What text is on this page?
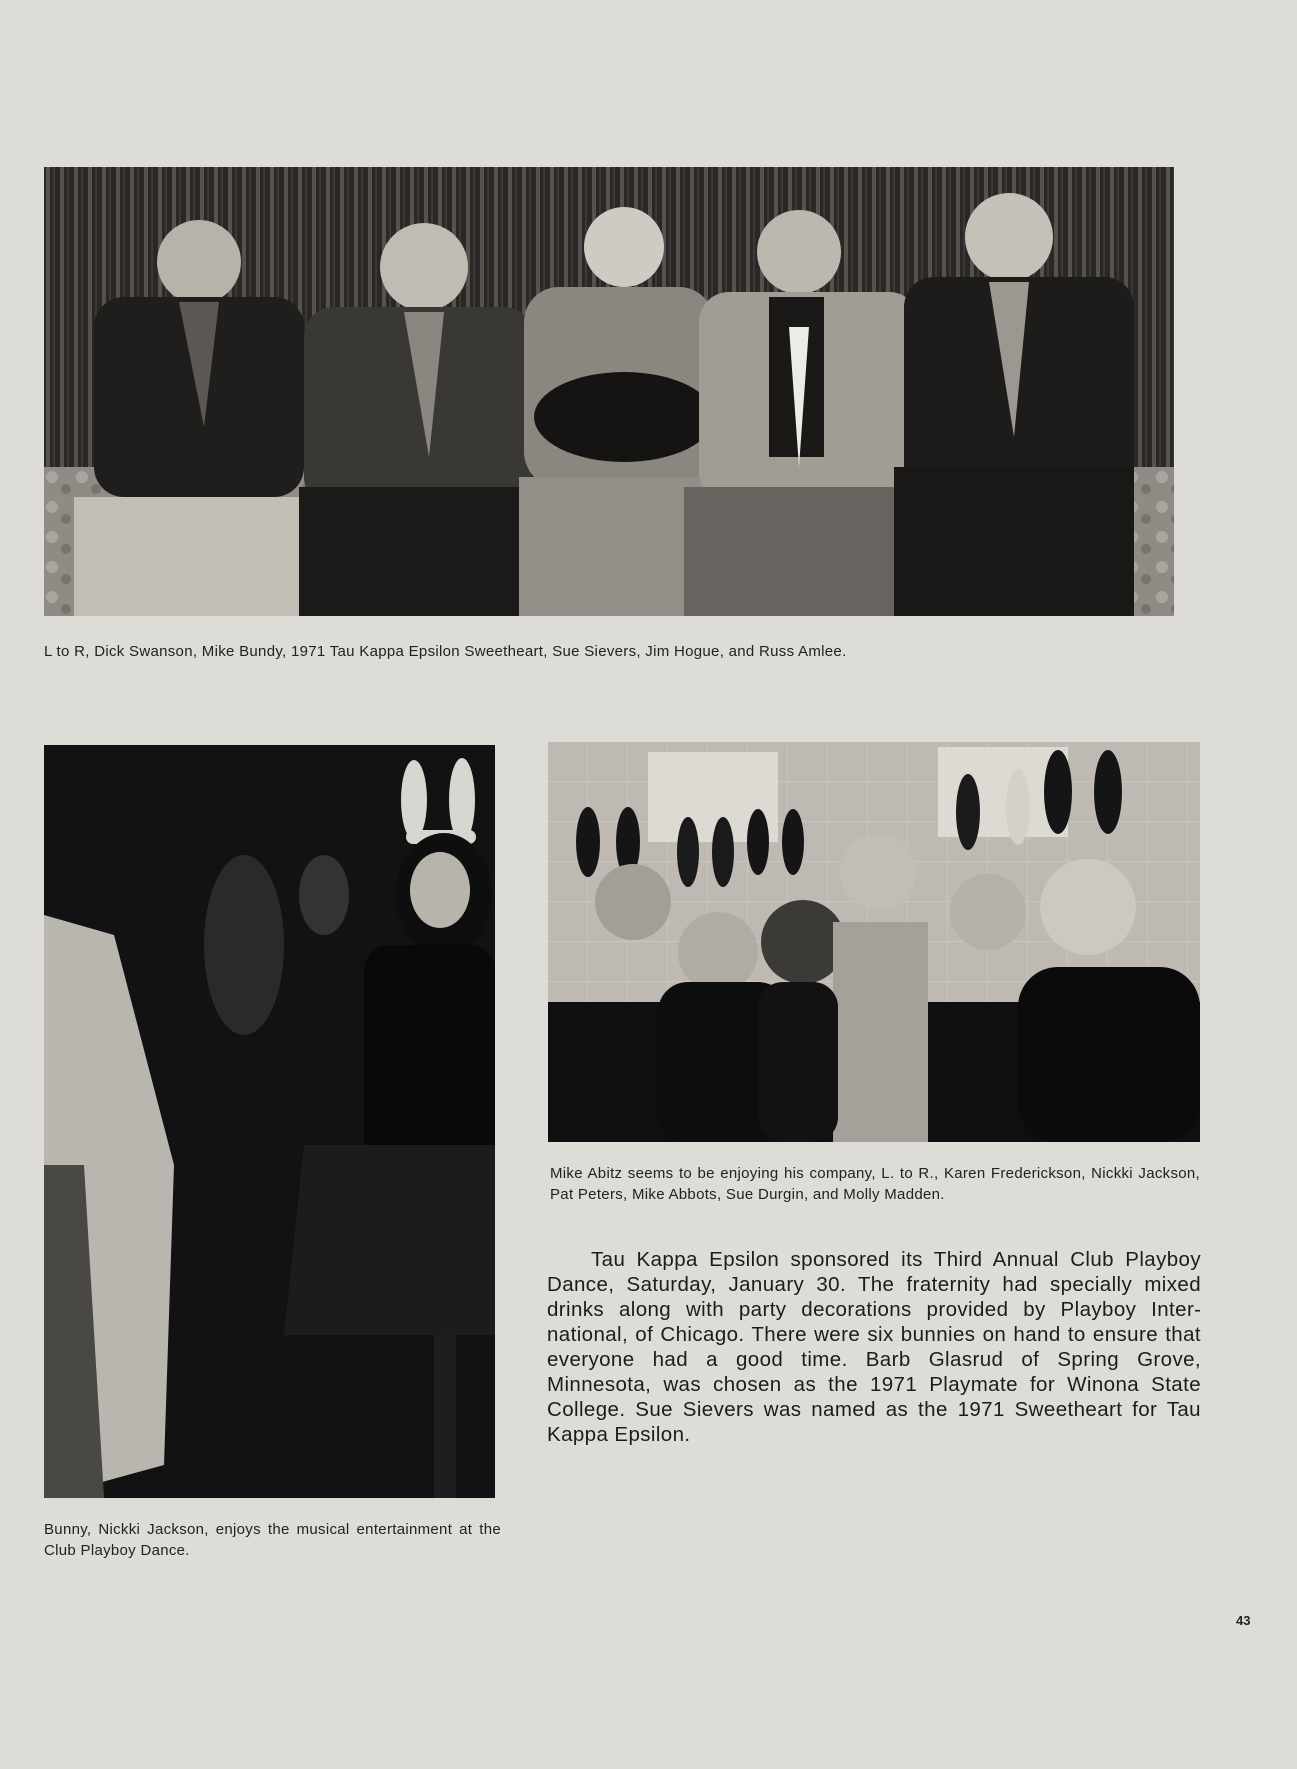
L to R, Dick Swanson, Mike Bundy, 1971 Tau Kappa Epsilon Sweetheart, Sue Sievers, Jim Hogue, and Russ Amlee.
Bunny, Nickki Jackson, enjoys the musical entertainment at the Club Playboy Dance.
Mike Abitz seems to be enjoying his company, L. to R., Karen Frederickson, Nickki Jackson, Pat Peters, Mike Abbots, Sue Durgin, and Molly Madden.
Tau Kappa Epsilon sponsored its Third Annual Club Playboy Dance, Saturday, January 30. The fraternity had specially mixed drinks along with party decorations provided by Playboy International, of Chicago. There were six bunnies on hand to ensure that everyone had a good time. Barb Glasrud of Spring Grove, Minnesota, was chosen as the 1971 Playmate for Winona State College. Sue Sievers was named as the 1971 Sweetheart for Tau Kappa Epsilon.
43
